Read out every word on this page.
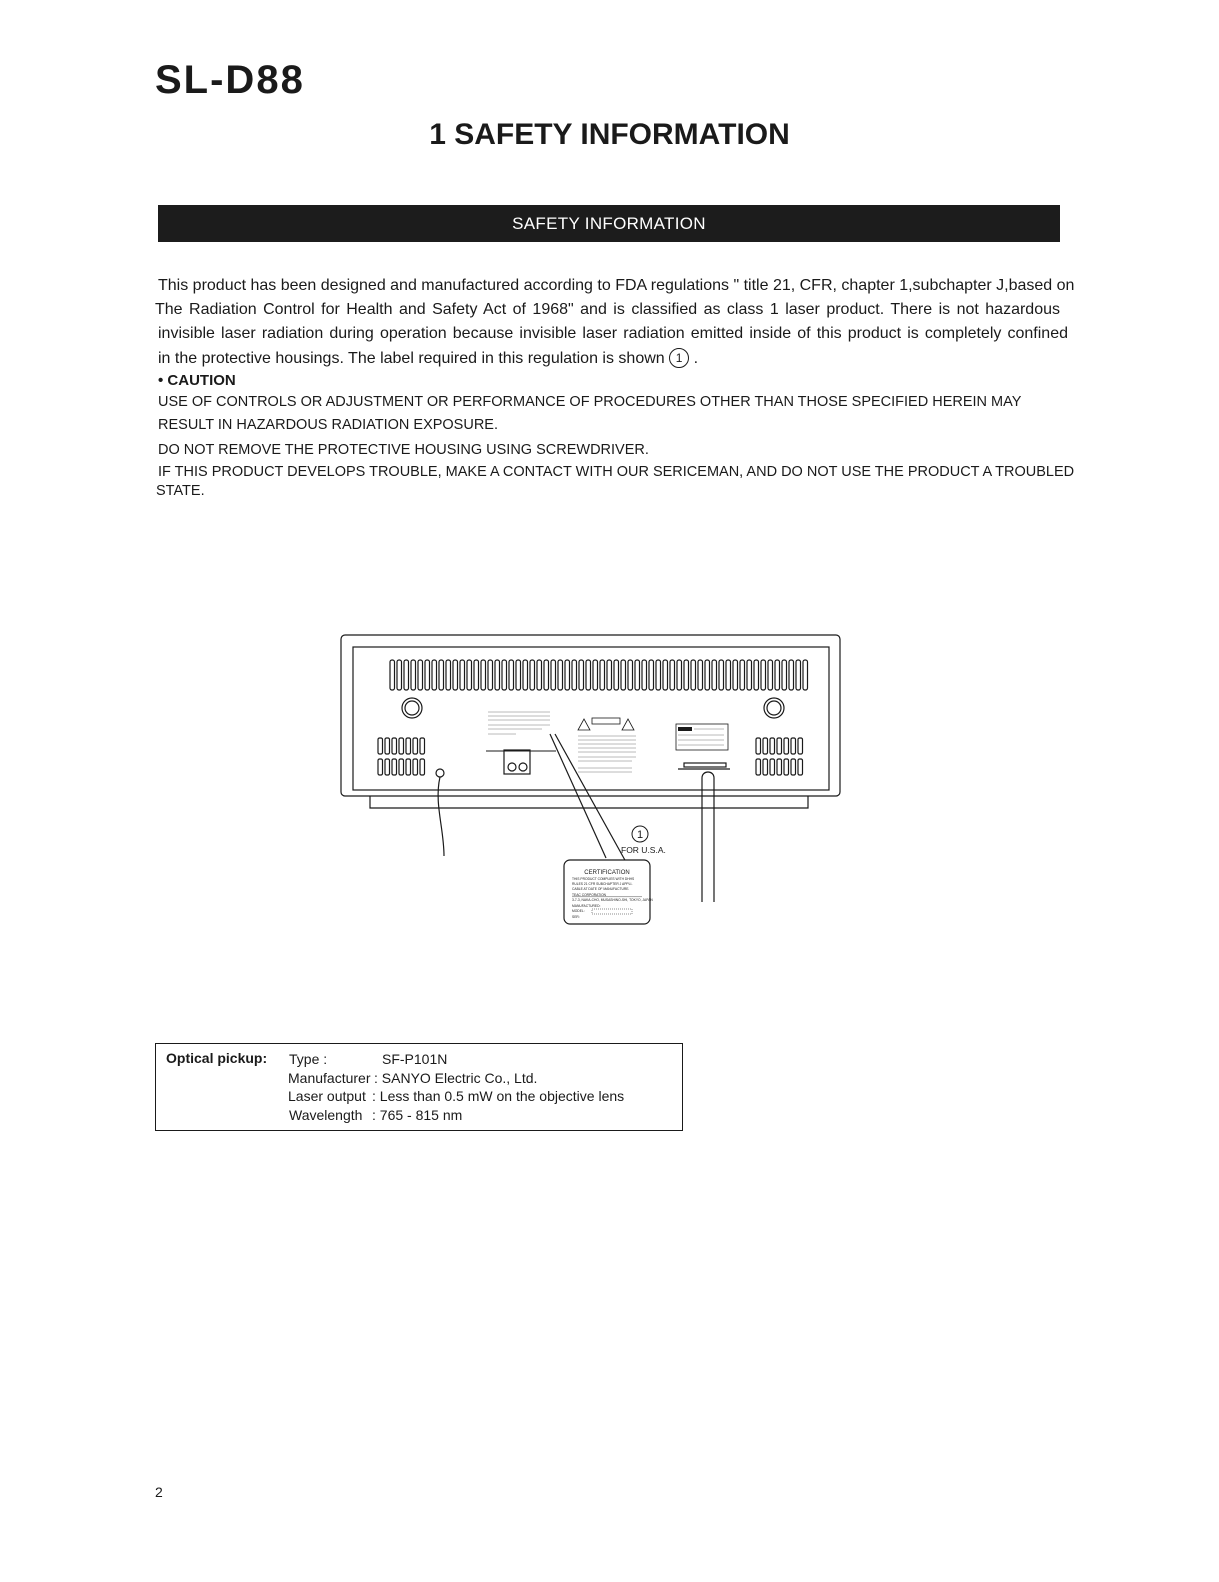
SL-D88
1 SAFETY INFORMATION
SAFETY INFORMATION
This product has been designed and manufactured according to FDA regulations " title 21, CFR, chapter 1,subchapter J,based on
The Radiation Control for Health and Safety Act of 1968" and is classified as class 1 laser product. There is not hazardous
invisible laser radiation during operation because invisible laser radiation emitted inside of this product is completely confined
in the protective housings. The label required in this regulation is shown 1 .
• CAUTION
USE OF CONTROLS OR ADJUSTMENT OR PERFORMANCE OF PROCEDURES OTHER THAN THOSE SPECIFIED HEREIN MAY
RESULT IN HAZARDOUS RADIATION EXPOSURE.
DO NOT REMOVE THE PROTECTIVE HOUSING USING SCREWDRIVER.
IF THIS PRODUCT DEVELOPS TROUBLE, MAKE A CONTACT WITH OUR SERICEMAN, AND DO NOT USE THE PRODUCT A TROUBLED
STATE.
1
FOR U.S.A.
CERTIFICATION
THIS PRODUCT COMPLIES WITH DHHS
RULES 21 CFR SUBCHAPTER J APPLI-
CABLE AT DATE OF MANUFACTURE.
TEAC CORPORATION
3-7-3, NAKA-CHO, MUSASHINO-SHI, TOKYO, JAPAN
MANUFACTURED:
MODEL:
SER:
Optical pickup: Type :	SF-P101N
Manufacturer : SANYO Electric Co., Ltd.
Laser output : Less than 0.5 mW on the objective lens
Wavelength : 765 - 815 nm
2
